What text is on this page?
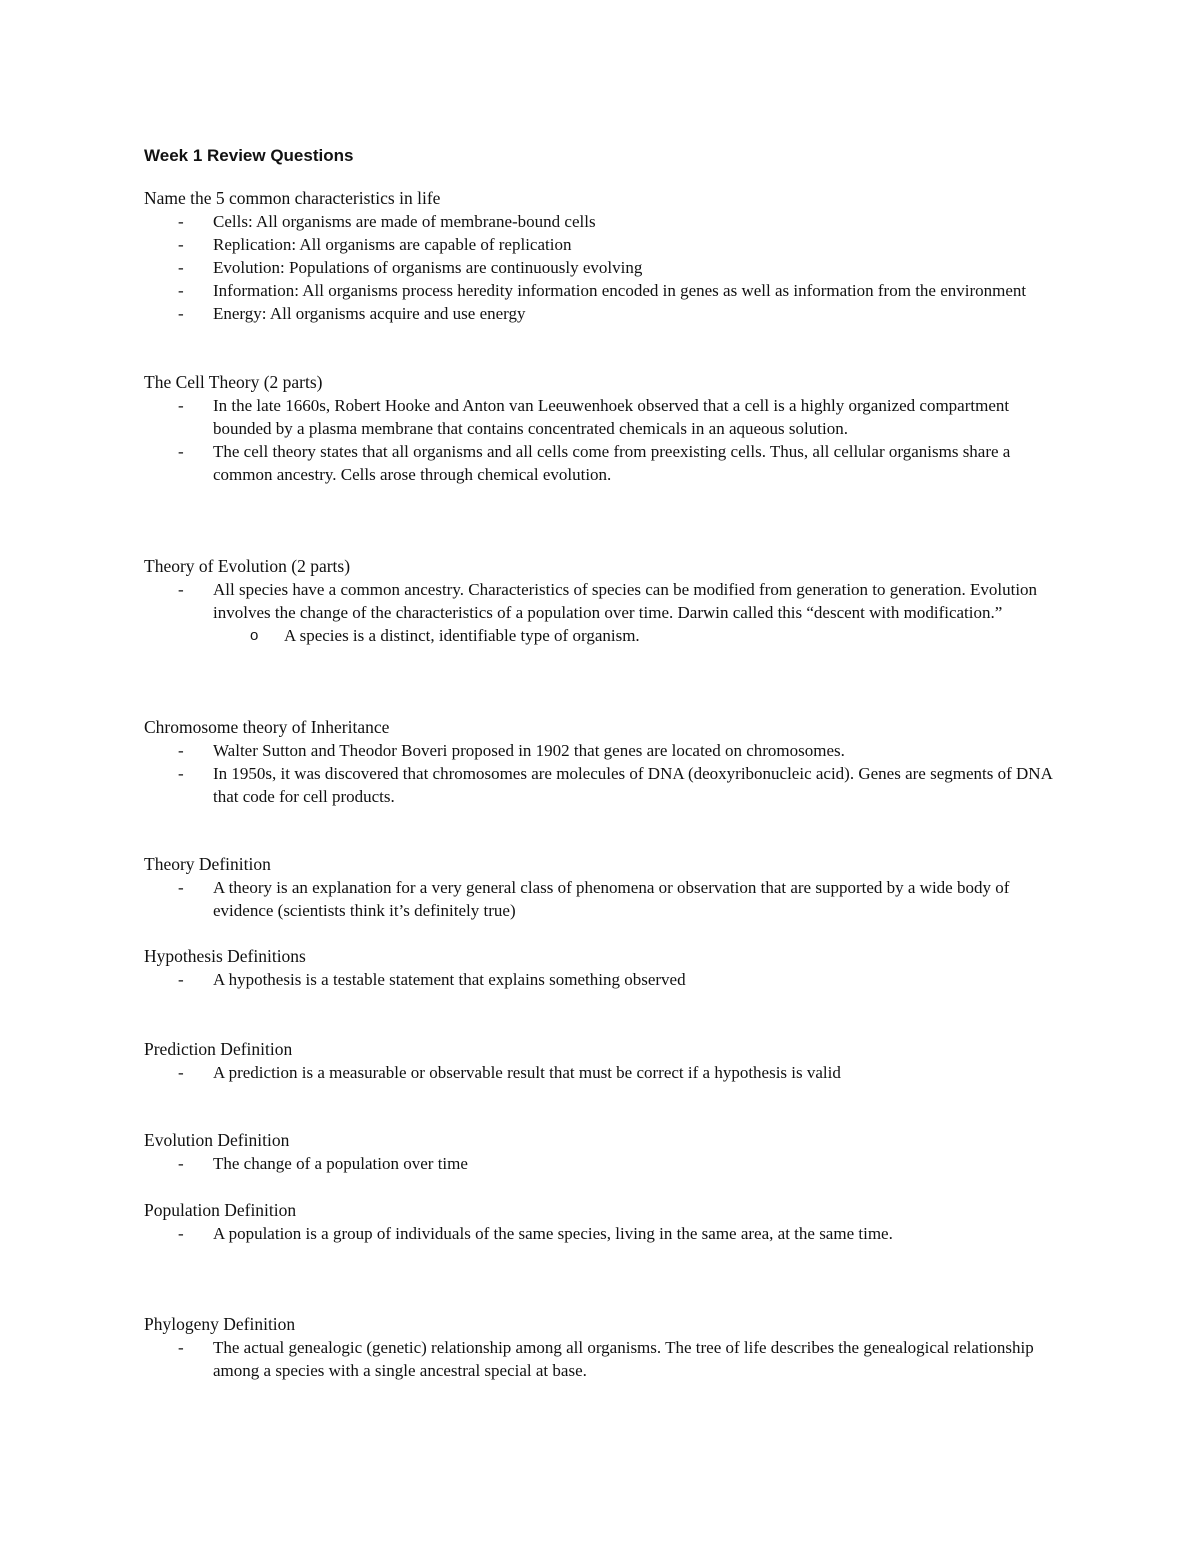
Week 1 Review Questions
Name the 5 common characteristics in life
- Cells: All organisms are made of membrane-bound cells
- Replication: All organisms are capable of replication
- Evolution: Populations of organisms are continuously evolving
- Information: All organisms process heredity information encoded in genes as well as information from the environment
- Energy: All organisms acquire and use energy
The Cell Theory (2 parts)
- In the late 1660s, Robert Hooke and Anton van Leeuwenhoek observed that a cell is a highly organized compartment bounded by a plasma membrane that contains concentrated chemicals in an aqueous solution.
- The cell theory states that all organisms and all cells come from preexisting cells. Thus, all cellular organisms share a common ancestry. Cells arose through chemical evolution.
Theory of Evolution (2 parts)
- All species have a common ancestry. Characteristics of species can be modified from generation to generation. Evolution involves the change of the characteristics of a population over time. Darwin called this “descent with modification.”
o A species is a distinct, identifiable type of organism.
Chromosome theory of Inheritance
- Walter Sutton and Theodor Boveri proposed in 1902 that genes are located on chromosomes.
- In 1950s, it was discovered that chromosomes are molecules of DNA (deoxyribonucleic acid). Genes are segments of DNA that code for cell products.
Theory Definition
- A theory is an explanation for a very general class of phenomena or observation that are supported by a wide body of evidence (scientists think it’s definitely true)
Hypothesis Definitions
- A hypothesis is a testable statement that explains something observed
Prediction Definition
- A prediction is a measurable or observable result that must be correct if a hypothesis is valid
Evolution Definition
- The change of a population over time
Population Definition
- A population is a group of individuals of the same species, living in the same area, at the same time.
Phylogeny Definition
- The actual genealogic (genetic) relationship among all organisms. The tree of life describes the genealogical relationship among a species with a single ancestral special at base.
